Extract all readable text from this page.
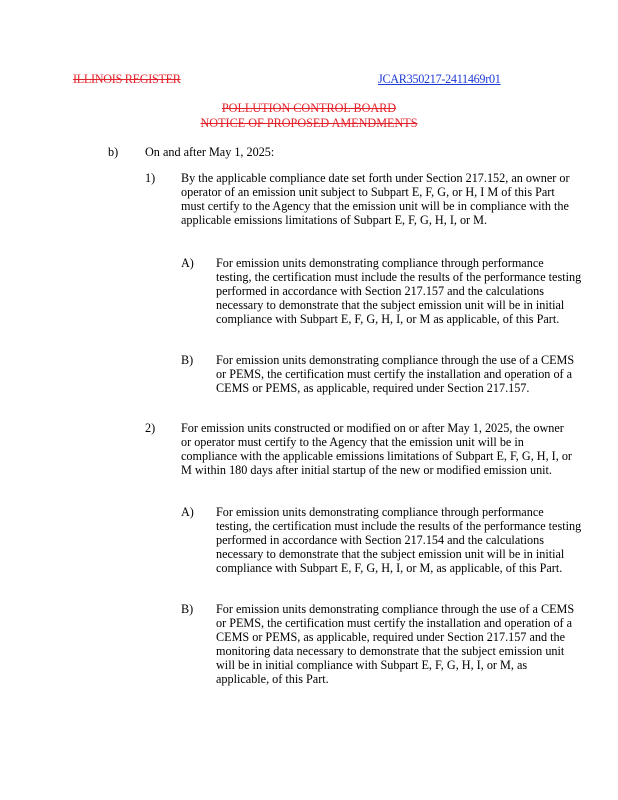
ILLINOIS REGISTER	JCAR350217-2411469r01
POLLUTION CONTROL BOARD
NOTICE OF PROPOSED AMENDMENTS
b) On and after May 1, 2025:

1) By the applicable compliance date set forth under Section 217.152, an owner or operator of an emission unit subject to Subpart E, F, G, or H, I M of this Part must certify to the Agency that the emission unit will be in compliance with the applicable emissions limitations of Subpart E, F, G, H, I, or M.

A) For emission units demonstrating compliance through performance testing, the certification must include the results of the performance testing performed in accordance with Section 217.157 and the calculations necessary to demonstrate that the subject emission unit will be in initial compliance with Subpart E, F, G, H, I, or M as applicable, of this Part.

B) For emission units demonstrating compliance through the use of a CEMS or PEMS, the certification must certify the installation and operation of a CEMS or PEMS, as applicable, required under Section 217.157.

2) For emission units constructed or modified on or after May 1, 2025, the owner or operator must certify to the Agency that the emission unit will be in compliance with the applicable emissions limitations of Subpart E, F, G, H, I, or M within 180 days after initial startup of the new or modified emission unit.

A) For emission units demonstrating compliance through performance testing, the certification must include the results of the performance testing performed in accordance with Section 217.154 and the calculations necessary to demonstrate that the subject emission unit will be in initial compliance with Subpart E, F, G, H, I, or M, as applicable, of this Part.

B) For emission units demonstrating compliance through the use of a CEMS or PEMS, the certification must certify the installation and operation of a CEMS or PEMS, as applicable, required under Section 217.157 and the monitoring data necessary to demonstrate that the subject emission unit will be in initial compliance with Subpart E, F, G, H, I, or M, as applicable, of this Part.
